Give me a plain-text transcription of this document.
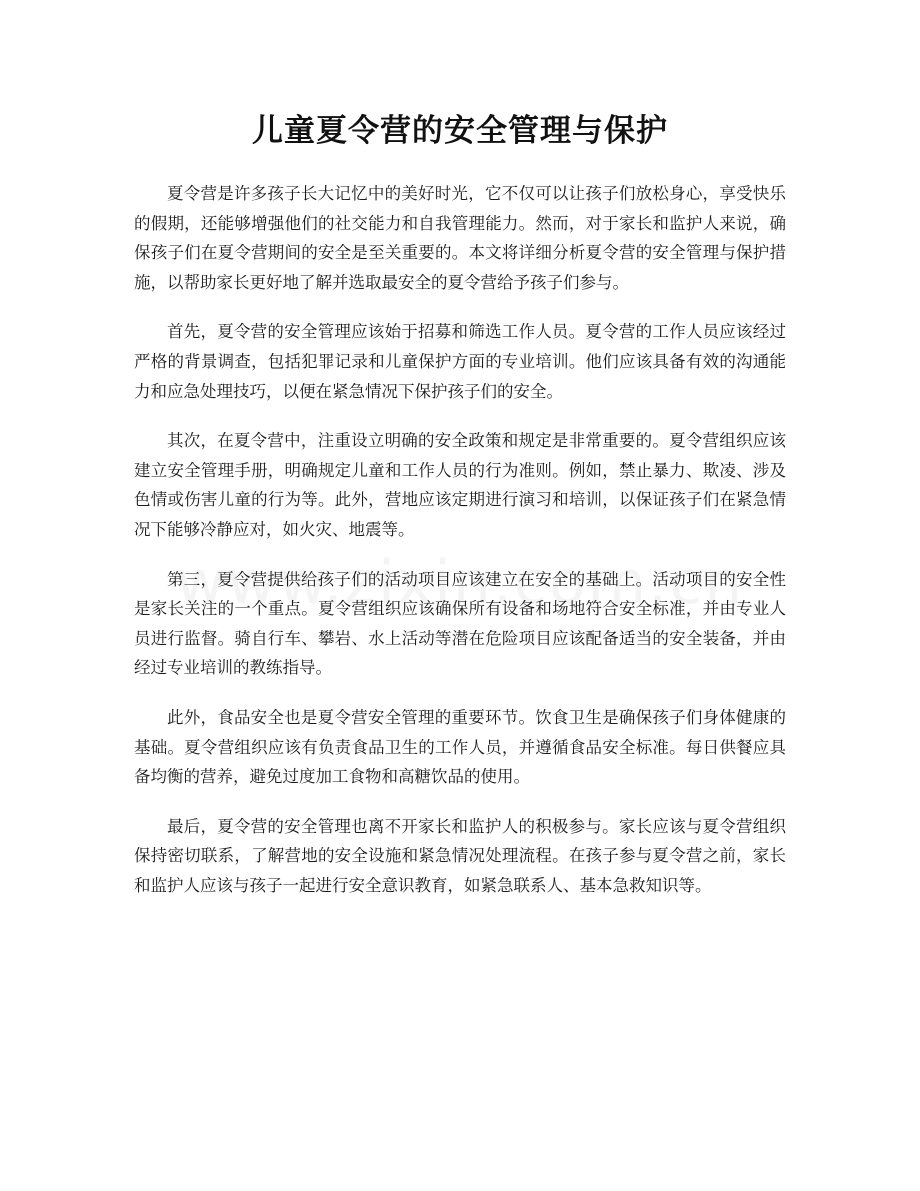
儿童夏令营的安全管理与保护

夏令营是许多孩子长大记忆中的美好时光，它不仅可以让孩子们放松身心，享受快乐的假期，还能够增强他们的社交能力和自我管理能力。然而，对于家长和监护人来说，确保孩子们在夏令营期间的安全是至关重要的。本文将详细分析夏令营的安全管理与保护措施，以帮助家长更好地了解并选取最安全的夏令营给予孩子们参与。

首先，夏令营的安全管理应该始于招募和筛选工作人员。夏令营的工作人员应该经过严格的背景调查，包括犯罪记录和儿童保护方面的专业培训。他们应该具备有效的沟通能力和应急处理技巧，以便在紧急情况下保护孩子们的安全。

其次，在夏令营中，注重设立明确的安全政策和规定是非常重要的。夏令营组织应该建立安全管理手册，明确规定儿童和工作人员的行为准则。例如，禁止暴力、欺凌、涉及色情或伤害儿童的行为等。此外，营地应该定期进行演习和培训，以保证孩子们在紧急情况下能够冷静应对，如火灾、地震等。

第三，夏令营提供给孩子们的活动项目应该建立在安全的基础上。活动项目的安全性是家长关注的一个重点。夏令营组织应该确保所有设备和场地符合安全标准，并由专业人员进行监督。骑自行车、攀岩、水上活动等潜在危险项目应该配备适当的安全装备，并由经过专业培训的教练指导。

此外，食品安全也是夏令营安全管理的重要环节。饮食卫生是确保孩子们身体健康的基础。夏令营组织应该有负责食品卫生的工作人员，并遵循食品安全标准。每日供餐应具备均衡的营养，避免过度加工食物和高糖饮品的使用。

最后，夏令营的安全管理也离不开家长和监护人的积极参与。家长应该与夏令营组织保持密切联系，了解营地的安全设施和紧急情况处理流程。在孩子参与夏令营之前，家长和监护人应该与孩子一起进行安全意识教育，如紧急联系人、基本急救知识等。
